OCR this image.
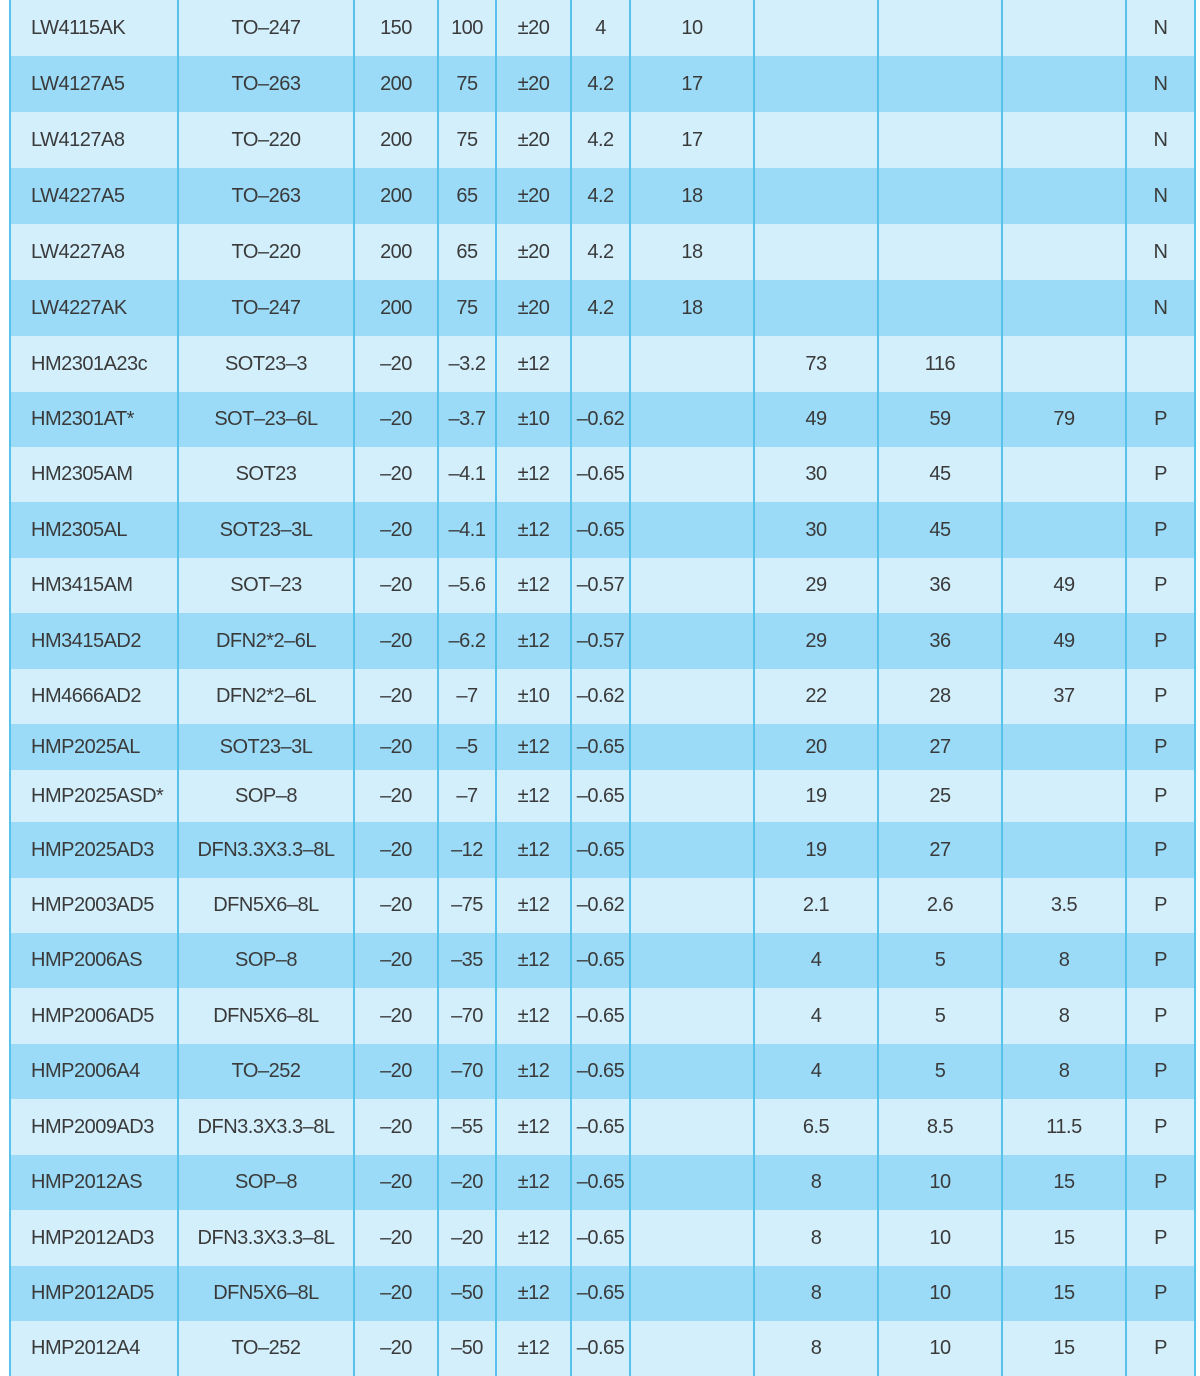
LW4115AK	TO–247	150	100	±20	4	10				N
LW4127A5	TO–263	200	75	±20	4.2	17				N
LW4127A8	TO–220	200	75	±20	4.2	17				N
LW4227A5	TO–263	200	65	±20	4.2	18				N
LW4227A8	TO–220	200	65	±20	4.2	18				N
LW4227AK	TO–247	200	75	±20	4.2	18				N
HM2301A23c	SOT23–3	–20	–3.2	±12			73	116		
HM2301AT*	SOT–23–6L	–20	–3.7	±10	–0.62		49	59	79	P
HM2305AM	SOT23	–20	–4.1	±12	–0.65		30	45		P
HM2305AL	SOT23–3L	–20	–4.1	±12	–0.65		30	45		P
HM3415AM	SOT–23	–20	–5.6	±12	–0.57		29	36	49	P
HM3415AD2	DFN2*2–6L	–20	–6.2	±12	–0.57		29	36	49	P
HM4666AD2	DFN2*2–6L	–20	–7	±10	–0.62		22	28	37	P
HMP2025AL	SOT23–3L	–20	–5	±12	–0.65		20	27		P
HMP2025ASD*	SOP–8	–20	–7	±12	–0.65		19	25		P
HMP2025AD3	DFN3.3X3.3–8L	–20	–12	±12	–0.65		19	27		P
HMP2003AD5	DFN5X6–8L	–20	–75	±12	–0.62		2.1	2.6	3.5	P
HMP2006AS	SOP–8	–20	–35	±12	–0.65		4	5	8	P
HMP2006AD5	DFN5X6–8L	–20	–70	±12	–0.65		4	5	8	P
HMP2006A4	TO–252	–20	–70	±12	–0.65		4	5	8	P
HMP2009AD3	DFN3.3X3.3–8L	–20	–55	±12	–0.65		6.5	8.5	11.5	P
HMP2012AS	SOP–8	–20	–20	±12	–0.65		8	10	15	P
HMP2012AD3	DFN3.3X3.3–8L	–20	–20	±12	–0.65		8	10	15	P
HMP2012AD5	DFN5X6–8L	–20	–50	±12	–0.65		8	10	15	P
HMP2012A4	TO–252	–20	–50	±12	–0.65		8	10	15	P
